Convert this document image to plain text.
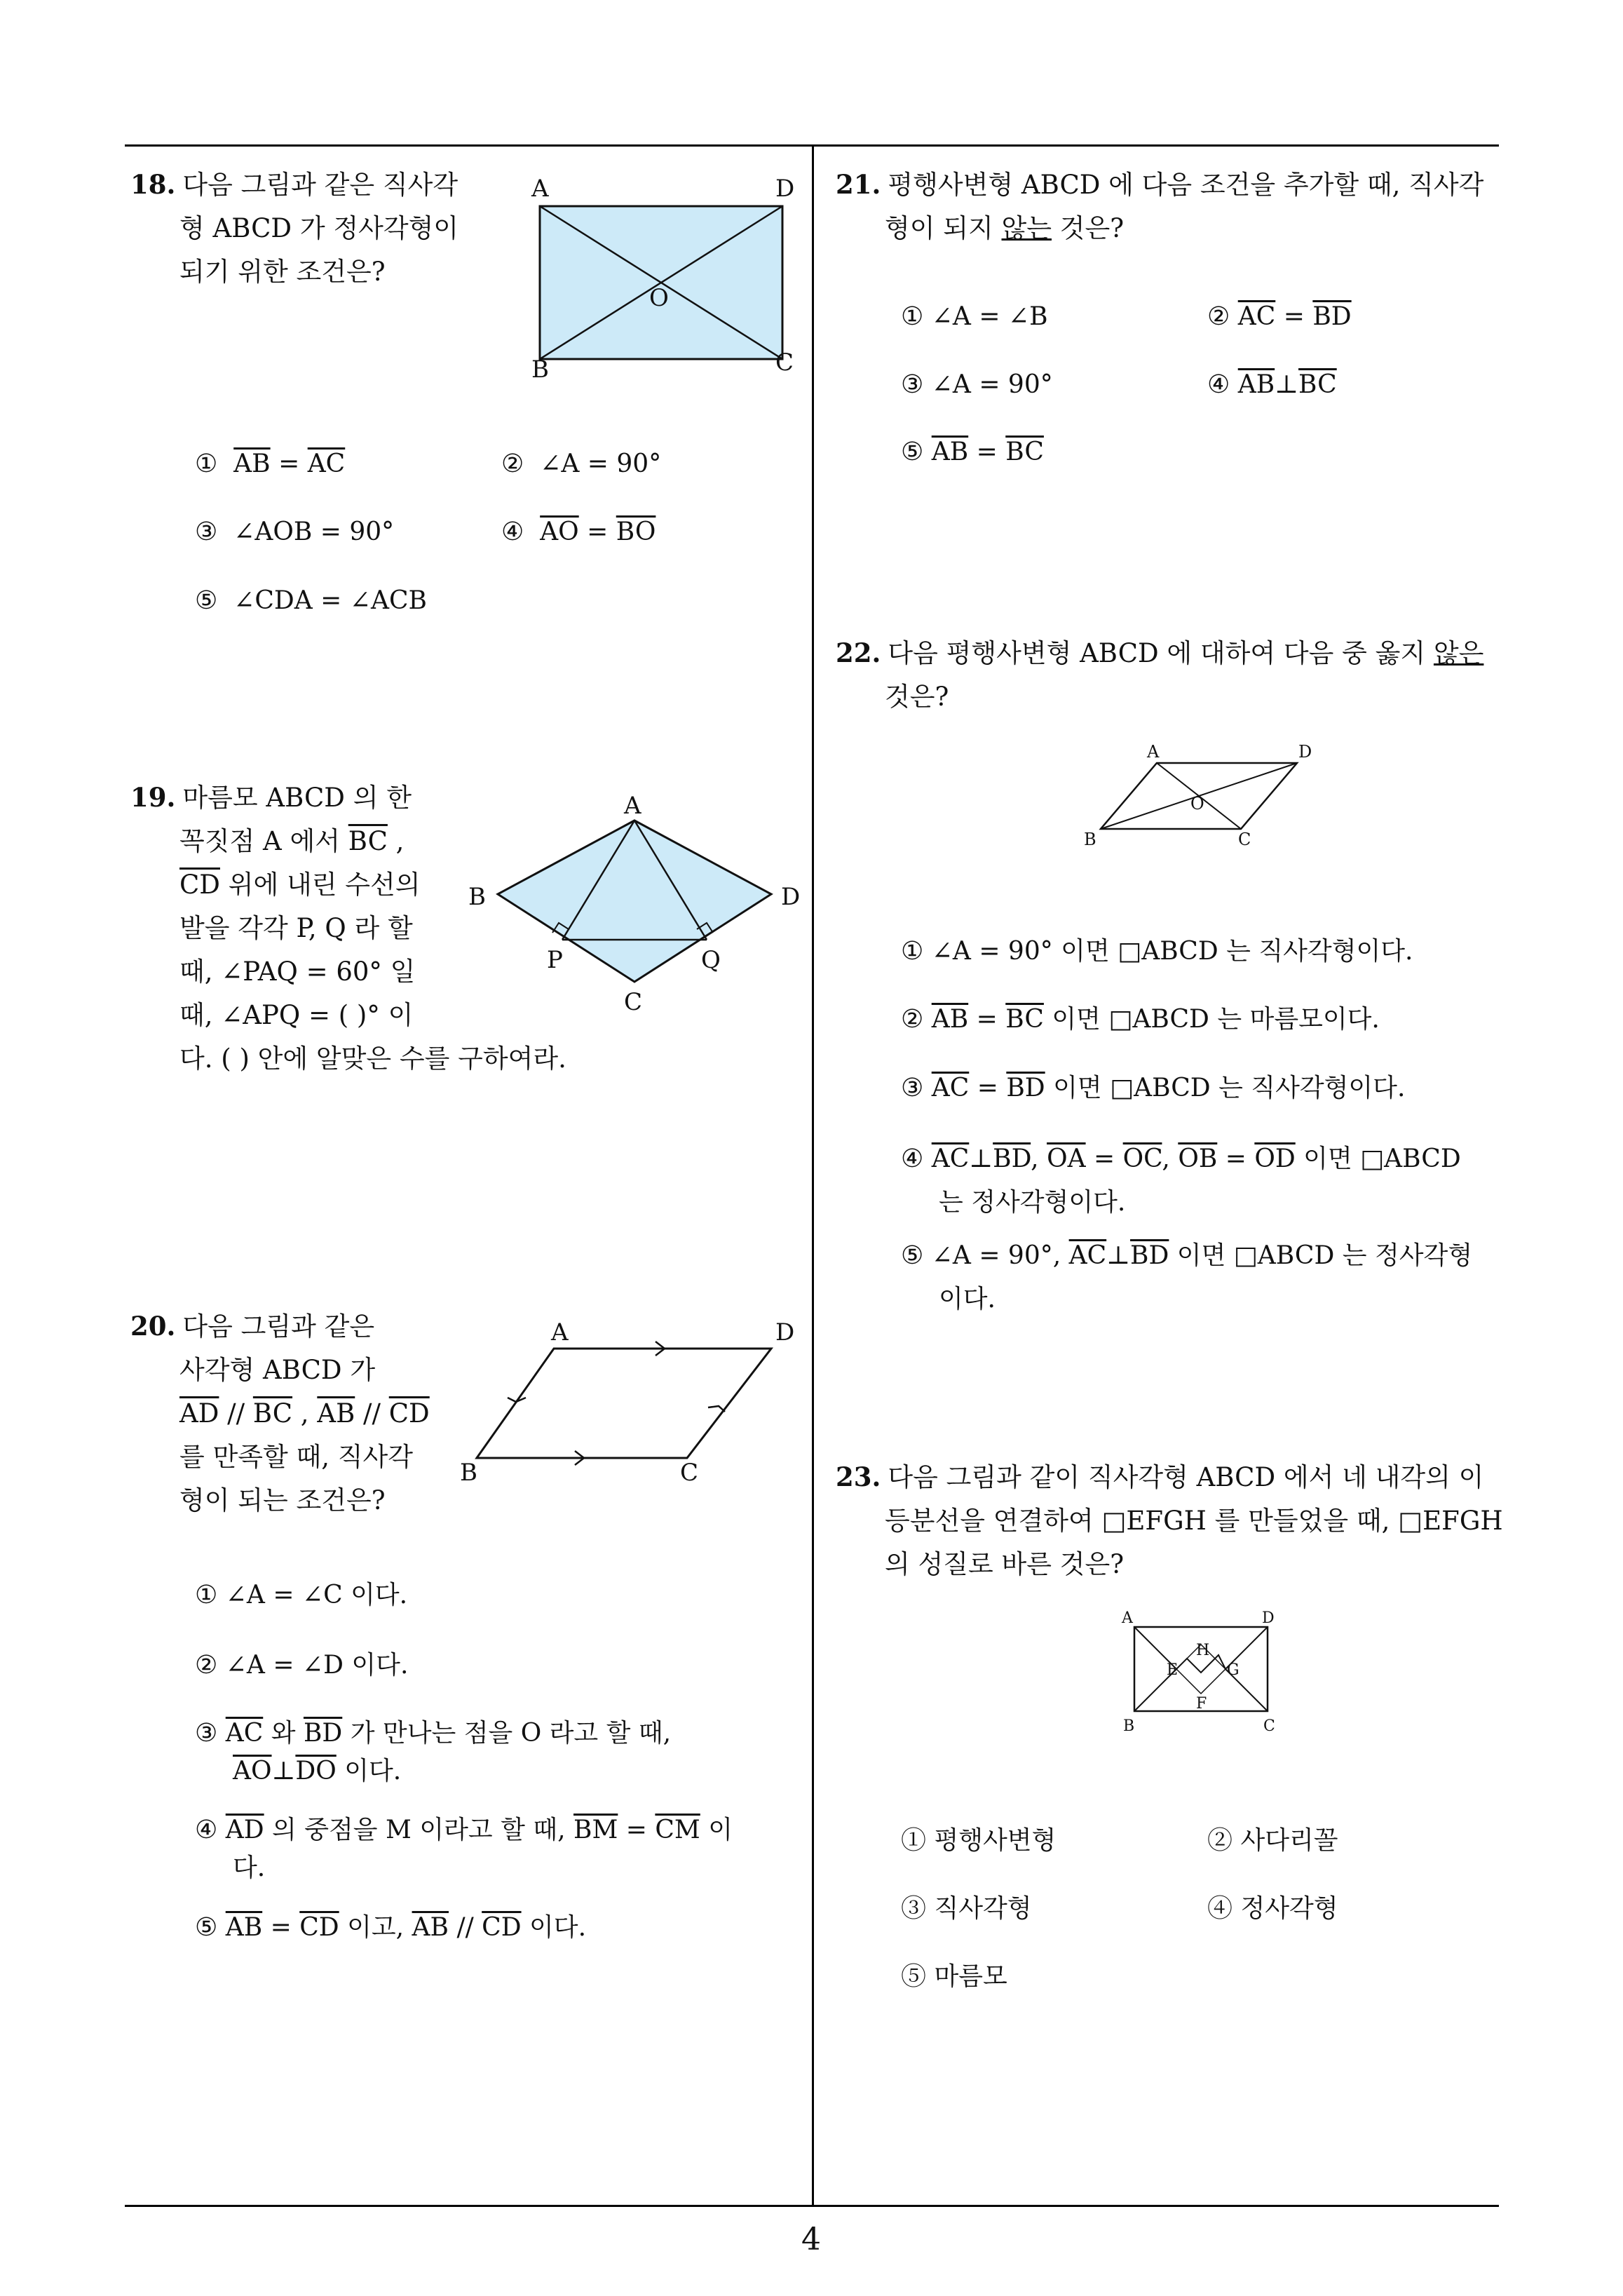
4
18. 다음 그림과 같은 직사각
형 ABCD 가 정사각형이
되기 위한 조건은?
A	D
B	C
O
① $\overline{AB} = \overline{AC}$	② ∠A = 90°
③ ∠AOB = 90°	④ $\overline{AO} = \overline{BO}$
⑤ ∠CDA = ∠ACB
19. 마름모 ABCD 의 한
꼭짓점 A 에서 $\overline{BC}$ ,
$\overline{CD}$ 위에 내린 수선의
발을 각각 P, Q 라 할
때, ∠PAQ = 60° 일
때, ∠APQ = ( )° 이
다. ( ) 안에 알맞은 수를 구하여라.
A
B	D
C
P	Q
20. 다음 그림과 같은
사각형 ABCD 가
$\overline{AD} // \overline{BC}$ , $\overline{AB} // \overline{CD}$
를 만족할 때, 직사각
형이 되는 조건은?
A	D
B	C
① ∠A = ∠C 이다.
② ∠A = ∠D 이다.
③ $\overline{AC}$ 와 $\overline{BD}$ 가 만나는 점을 O 라고 할 때,
$\overline{AO}\perp\overline{DO}$ 이다.
④ $\overline{AD}$ 의 중점을 M 이라고 할 때, $\overline{BM} = \overline{CM}$ 이
다.
⑤ $\overline{AB} = \overline{CD}$ 이고, $\overline{AB} // \overline{CD}$ 이다.
21. 평행사변형 ABCD 에 다음 조건을 추가할 때, 직사각
형이 되지 않는 것은?
① ∠A = ∠B	② $\overline{AC} = \overline{BD}$
③ ∠A = 90°	④ $\overline{AB}\perp\overline{BC}$
⑤ $\overline{AB} = \overline{BC}$
22. 다음 평행사변형 ABCD 에 대하여 다음 중 옳지 않은
것은?
A	D
B	C
O
① ∠A = 90° 이면 □ABCD 는 직사각형이다.
② $\overline{AB} = \overline{BC}$ 이면 □ABCD 는 마름모이다.
③ $\overline{AC} = \overline{BD}$ 이면 □ABCD 는 직사각형이다.
④ $\overline{AC}\perp\overline{BD}$, $\overline{OA} = \overline{OC}$, $\overline{OB} = \overline{OD}$ 이면 □ABCD
는 정사각형이다.
⑤ ∠A = 90°, $\overline{AC}\perp\overline{BD}$ 이면 □ABCD 는 정사각형
이다.
23. 다음 그림과 같이 직사각형 ABCD 에서 네 내각의 이
등분선을 연결하여 □EFGH 를 만들었을 때, □EFGH
의 성질로 바른 것은?
A	D
B	C
E
F
G
H
① 평행사변형	② 사다리꼴
③ 직사각형	④ 정사각형
⑤ 마름모
